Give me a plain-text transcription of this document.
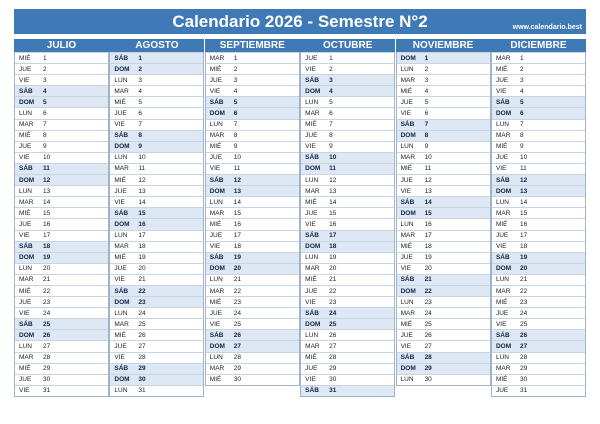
Calendario 2026 - Semestre N°2	www.calendario.best
JULIO
MIÉ	1
JUE	2
VIE	3
SÁB	4
DOM	5
LUN	6
MAR	7
MIÉ	8
JUE	9
VIE	10
SÁB	11
DOM	12
LUN	13
MAR	14
MIÉ	15
JUE	16
VIE	17
SÁB	18
DOM	19
LUN	20
MAR	21
MIÉ	22
JUE	23
VIE	24
SÁB	25
DOM	26
LUN	27
MAR	28
MIÉ	29
JUE	30
VIE	31
AGOSTO
SÁB	1
DOM	2
LUN	3
MAR	4
MIÉ	5
JUE	6
VIE	7
SÁB	8
DOM	9
LUN	10
MAR	11
MIÉ	12
JUE	13
VIE	14
SÁB	15
DOM	16
LUN	17
MAR	18
MIÉ	19
JUE	20
VIE	21
SÁB	22
DOM	23
LUN	24
MAR	25
MIÉ	26
JUE	27
VIE	28
SÁB	29
DOM	30
LUN	31
SEPTIEMBRE
MAR	1
MIÉ	2
JUE	3
VIE	4
SÁB	5
DOM	6
LUN	7
MAR	8
MIÉ	9
JUE	10
VIE	11
SÁB	12
DOM	13
LUN	14
MAR	15
MIÉ	16
JUE	17
VIE	18
SÁB	19
DOM	20
LUN	21
MAR	22
MIÉ	23
JUE	24
VIE	25
SÁB	26
DOM	27
LUN	28
MAR	29
MIÉ	30
OCTUBRE
JUE	1
VIE	2
SÁB	3
DOM	4
LUN	5
MAR	6
MIÉ	7
JUE	8
VIE	9
SÁB	10
DOM	11
LUN	12
MAR	13
MIÉ	14
JUE	15
VIE	16
SÁB	17
DOM	18
LUN	19
MAR	20
MIÉ	21
JUE	22
VIE	23
SÁB	24
DOM	25
LUN	26
MAR	27
MIÉ	28
JUE	29
VIE	30
SÁB	31
NOVIEMBRE
DOM	1
LUN	2
MAR	3
MIÉ	4
JUE	5
VIE	6
SÁB	7
DOM	8
LUN	9
MAR	10
MIÉ	11
JUE	12
VIE	13
SÁB	14
DOM	15
LUN	16
MAR	17
MIÉ	18
JUE	19
VIE	20
SÁB	21
DOM	22
LUN	23
MAR	24
MIÉ	25
JUE	26
VIE	27
SÁB	28
DOM	29
LUN	30
DICIEMBRE
MAR	1
MIÉ	2
JUE	3
VIE	4
SÁB	5
DOM	6
LUN	7
MAR	8
MIÉ	9
JUE	10
VIE	11
SÁB	12
DOM	13
LUN	14
MAR	15
MIÉ	16
JUE	17
VIE	18
SÁB	19
DOM	20
LUN	21
MAR	22
MIÉ	23
JUE	24
VIE	25
SÁB	26
DOM	27
LUN	28
MAR	29
MIÉ	30
JUE	31
